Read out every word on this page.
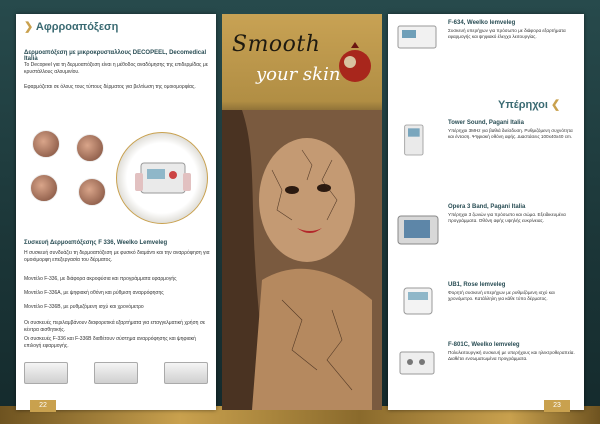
❯ Αφρροαπόξεση
Δερμοαπόξεση με μικροκρυσταλλους DECOPEEL, Decomedical Italia
Το Decopeel για τη δερμοαπόξεση είναι η μέθοδος αναδόμησης της επιδερμίδας με κρυστάλλους αλουμινίου.
Εφαρμόζεται σε όλους τους τύπους δέρματος για βελτίωση της ομοιομορφίας.
Συσκευή Δερμοαπόξεσης F 336, Weelko Lemveleg
Η συσκευή συνδυάζει τη δερμοαπόξεση με φυσικό διαμάντι και την αναρρόφηση για ομοιόμορφη επεξεργασία του δέρματος.
Μοντέλο F-336, με διάφορα ακροφύσια και προγράμματα εφαρμογής
Μοντέλο F-336A, με ψηφιακή οθόνη και ρύθμιση αναρρόφησης
Μοντέλο F-336B, με ρυθμιζόμενη ισχύ και χρονόμετρο
Οι συσκευές περιλαμβάνουν διαφορετικά εξαρτήματα για επαγγελματική χρήση σε κέντρα αισθητικής.
Οι συσκευές F-336 και F-336B διαθέτουν σύστημα αναρρόφησης και ψηφιακή επιλογή εφαρμογής.
22
Smooth
your skin
F-634, Weelko lemveleg
Συσκευή υπερήχων για πρόσωπο με διάφορα εξαρτήματα εφαρμογής και ψηφιακό έλεγχο λειτουργίας.
Υπέρηχοι ❮
Tower Sound, Pagani Italia
Υπέρηχοι 3MHz για βαθιά διείσδυση. Ρυθμιζόμενη συχνότητα και ένταση. Ψηφιακή οθόνη αφής. Διαστάσεις 100x40x40 cm.
Opera 3 Band, Pagani Italia
Υπέρηχοι 3 ζωνών για πρόσωπο και σώμα. Εξειδικευμένα προγράμματα. Οθόνη αφής υψηλής ευκρίνειας.
UB1, Rose lemveleg
Φορητή συσκευή υπερήχων με ρυθμιζόμενη ισχύ και χρονόμετρο. Κατάλληλη για κάθε τύπο δέρματος.
F-801C, Weelko lemveleg
Πολυλειτουργική συσκευή με υπερήχους και ηλεκτροθεραπεία. Διαθέτει ενσωματωμένα προγράμματα.
23
